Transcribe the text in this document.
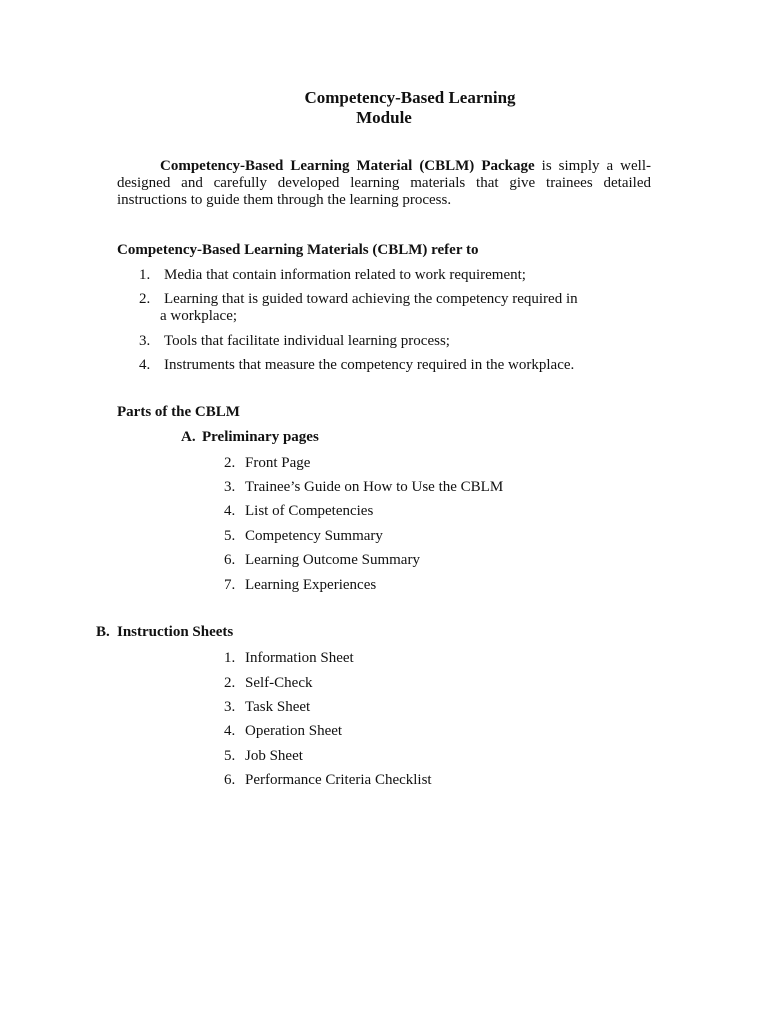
Competency-Based Learning
Module

Competency-Based Learning Material (CBLM) Package is simply a well-designed and carefully developed learning materials that give trainees detailed instructions to guide them through the learning process.

Competency-Based Learning Materials (CBLM) refer to
1. Media that contain information related to work requirement;
2. Learning that is guided toward achieving the competency required in
a workplace;
3. Tools that facilitate individual learning process;
4. Instruments that measure the competency required in the workplace.
Parts of the CBLM
A. Preliminary pages
2. Front Page
3. Trainee’s Guide on How to Use the CBLM
4. List of Competencies
5. Competency Summary
6. Learning Outcome Summary
7. Learning Experiences
B. Instruction Sheets
1. Information Sheet
2. Self-Check
3. Task Sheet
4. Operation Sheet
5. Job Sheet
6. Performance Criteria Checklist
